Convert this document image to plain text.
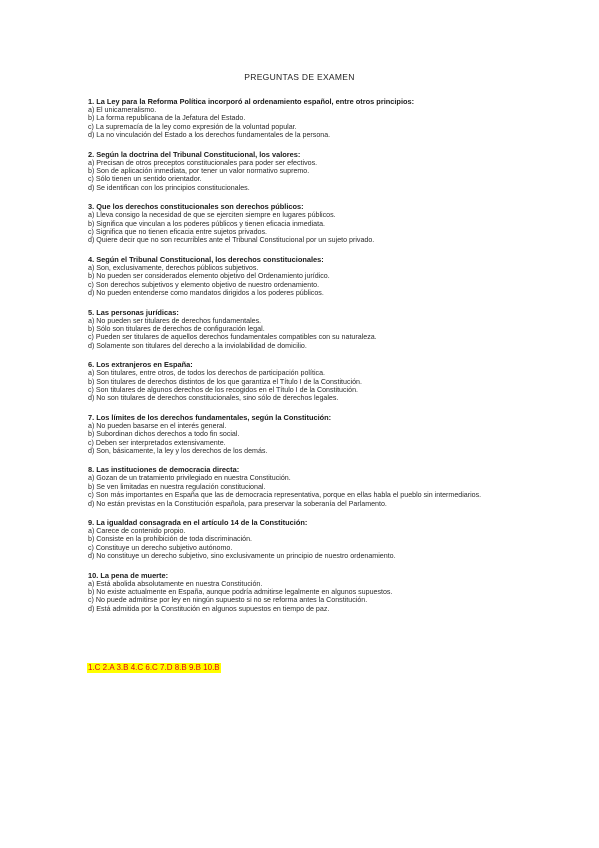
PREGUNTAS DE EXAMEN
1. La Ley para la Reforma Política incorporó al ordenamiento español, entre otros principios:
a) El unicameralismo.
b) La forma republicana de la Jefatura del Estado.
c) La supremacía de la ley como expresión de la voluntad popular.
d) La no vinculación del Estado a los derechos fundamentales de la persona.
2. Según la doctrina del Tribunal Constitucional, los valores:
a) Precisan de otros preceptos constitucionales para poder ser efectivos.
b) Son de aplicación inmediata, por tener un valor normativo supremo.
c) Sólo tienen un sentido orientador.
d) Se identifican con los principios constitucionales.
3. Que los derechos constitucionales son derechos públicos:
a) Lleva consigo la necesidad de que se ejerciten siempre en lugares públicos.
b) Significa que vinculan a los poderes públicos y tienen eficacia inmediata.
c) Significa que no tienen eficacia entre sujetos privados.
d) Quiere decir que no son recurribles ante el Tribunal Constitucional por un sujeto privado.
4. Según el Tribunal Constitucional, los derechos constitucionales:
a) Son, exclusivamente, derechos públicos subjetivos.
b) No pueden ser considerados elemento objetivo del Ordenamiento jurídico.
c) Son derechos subjetivos y elemento objetivo de nuestro ordenamiento.
d) No pueden entenderse como mandatos dirigidos a los poderes públicos.
5. Las personas jurídicas:
a) No pueden ser titulares de derechos fundamentales.
b) Sólo son titulares de derechos de configuración legal.
c) Pueden ser titulares de aquellos derechos fundamentales compatibles con su naturaleza.
d) Solamente son titulares del derecho a la inviolabilidad de domicilio.
6. Los extranjeros en España:
a) Son titulares, entre otros, de todos los derechos de participación política.
b) Son titulares de derechos distintos de los que garantiza el Título I de la Constitución.
c) Son titulares de algunos derechos de los recogidos en el Título I de la Constitución.
d) No son titulares de derechos constitucionales, sino sólo de derechos legales.
7. Los límites de los derechos fundamentales, según la Constitución:
a) No pueden basarse en el interés general.
b) Subordinan dichos derechos a todo fin social.
c) Deben ser interpretados extensivamente.
d) Son, básicamente, la ley y los derechos de los demás.
8. Las instituciones de democracia directa:
a) Gozan de un tratamiento privilegiado en nuestra Constitución.
b) Se ven limitadas en nuestra regulación constitucional.
c) Son más importantes en España que las de democracia representativa, porque en ellas habla el pueblo sin intermediarios.
d) No están previstas en la Constitución española, para preservar la soberanía del Parlamento.
9. La igualdad consagrada en el artículo 14 de la Constitución:
a) Carece de contenido propio.
b) Consiste en la prohibición de toda discriminación.
c) Constituye un derecho subjetivo autónomo.
d) No constituye un derecho subjetivo, sino exclusivamente un principio de nuestro ordenamiento.
10. La pena de muerte:
a) Está abolida absolutamente en nuestra Constitución.
b) No existe actualmente en España, aunque podría admitirse legalmente en algunos supuestos.
c) No puede admitirse por ley en ningún supuesto si no se reforma antes la Constitución.
d) Está admitida por la Constitución en algunos supuestos en tiempo de paz.
1.C 2.A 3.B 4.C 6.C 7.D 8.B 9.B 10.B
